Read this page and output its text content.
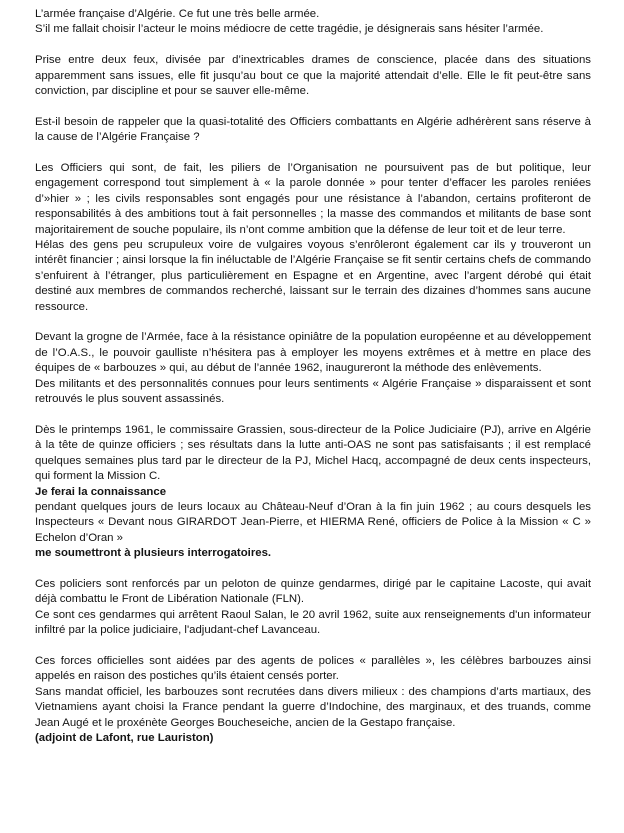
L’armée française d’Algérie. Ce fut une très belle armée.
S’il me fallait choisir l’acteur le moins médiocre de cette tragédie, je désignerais sans hésiter l’armée.

Prise entre deux feux, divisée par d’inextricables drames de conscience, placée dans des situations apparemment sans issues, elle fit jusqu’au bout ce que la majorité attendait d’elle. Elle le fit peut-être sans conviction, par discipline et pour se sauver elle-même.

Est-il besoin de rappeler que la quasi-totalité des Officiers combattants en Algérie adhérèrent sans réserve à la cause de l’Algérie Française ?

Les Officiers qui sont, de fait, les piliers de l’Organisation ne poursuivent pas de but politique, leur engagement correspond tout simplement à « la parole donnée » pour tenter d’effacer les paroles reniées d’»hier » ; les civils responsables sont engagés pour une résistance à l’abandon, certains profiteront de responsabilités à des ambitions tout à fait personnelles ; la masse des commandos et militants de base sont majoritairement de souche populaire, ils n’ont comme ambition que la défense de leur toit et de leur terre.

Hélas des gens peu scrupuleux voire de vulgaires voyous s’enrôleront également car ils y trouveront un intérêt financier ; ainsi lorsque la fin inéluctable de l’Algérie Française se fit sentir certains chefs de commando s’enfuirent à l’étranger, plus particulièrement en Espagne et en Argentine, avec l’argent dérobé qui était destiné aux membres de commandos recherché, laissant sur le terrain des dizaines d’hommes sans aucune ressource.

Devant la grogne de l’Armée, face à la résistance opiniâtre de la population européenne et au développement de l’O.A.S., le pouvoir gaulliste n’hésitera pas à employer les moyens extrêmes et à mettre en place des équipes de « barbouzes » qui, au début de l’année 1962, inaugureront la méthode des enlèvements.

Des militants et des personnalités connues pour leurs sentiments « Algérie Française » disparaissent et sont retrouvés le plus souvent assassinés.

Dès le printemps 1961, le commissaire Grassien, sous-directeur de la Police Judiciaire (PJ), arrive en Algérie à la tête de quinze officiers ; ses résultats dans la lutte anti-OAS ne sont pas satisfaisants ; il est remplacé quelques semaines plus tard par le directeur de la PJ, Michel Hacq, accompagné de deux cents inspecteurs, qui forment la Mission C.

Je ferai la connaissance
pendant quelques jours de leurs locaux au Château-Neuf d’Oran à la fin juin 1962 ; au cours desquels les Inspecteurs « Devant nous GIRARDOT Jean-Pierre, et HIERMA René, officiers de Police à la Mission « C » Echelon d’Oran »
me soumettront à plusieurs interrogatoires.

Ces policiers sont renforcés par un peloton de quinze gendarmes, dirigé par le capitaine Lacoste, qui avait déjà combattu le Front de Libération Nationale (FLN).

Ce sont ces gendarmes qui arrêtent Raoul Salan, le 20 avril 1962, suite aux renseignements d'un informateur infiltré par la police judiciaire, l'adjudant-chef Lavanceau.

Ces forces officielles sont aidées par des agents de polices « parallèles », les célèbres barbouzes ainsi appelés en raison des postiches qu’ils étaient censés porter.

Sans mandat officiel, les barbouzes sont recrutées dans divers milieux : des champions d’arts martiaux, des Vietnamiens ayant choisi la France pendant la guerre d’Indochine, des marginaux, et des truands, comme Jean Augé et le proxénète Georges Boucheseiche, ancien de la Gestapo française.
(adjoint de Lafont, rue Lauriston)
